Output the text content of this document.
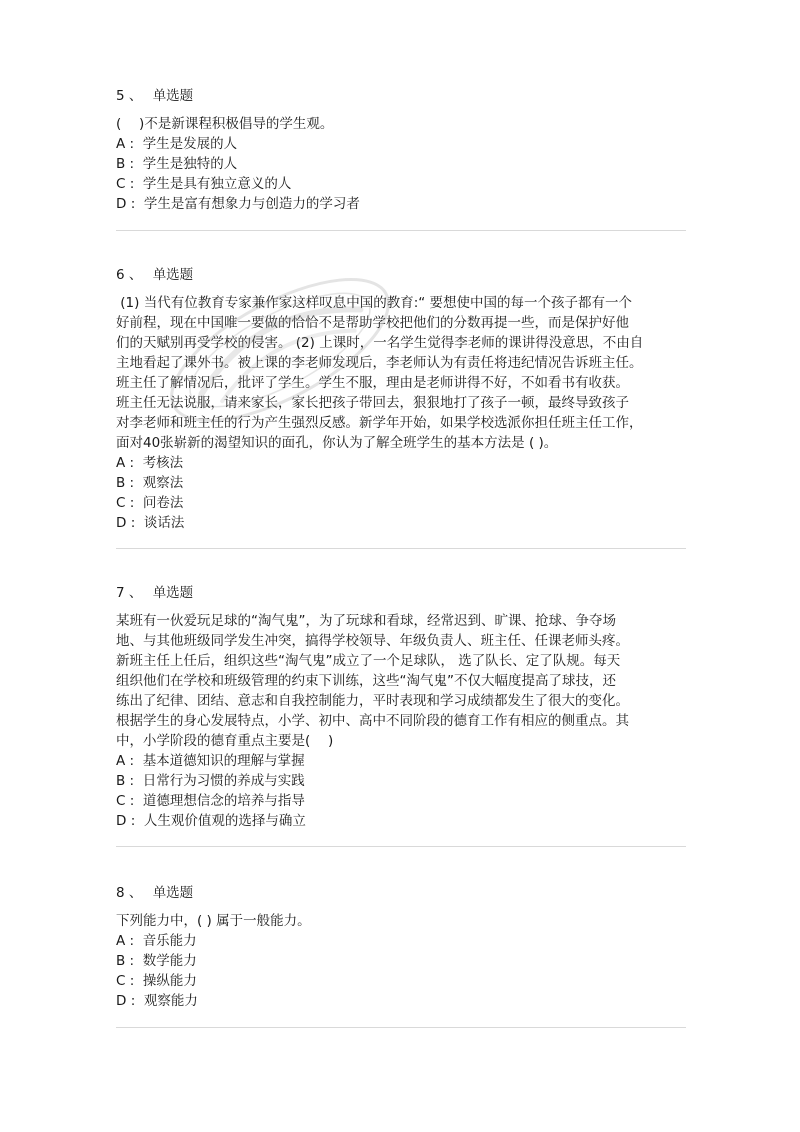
5 、 单选题
(　 )不是新课程积极倡导的学生观。
A :  学生是发展的人
B :  学生是独特的人
C :  学生是具有独立意义的人
D :  学生是富有想象力与创造力的学习者
6 、 单选题
(1) 当代有位教育专家兼作家这样叹息中国的教育:“ 要想使中国的每一个孩子都有一个
好前程，现在中国唯一要做的恰恰不是帮助学校把他们的分数再提一些，而是保护好他
们的天赋别再受学校的侵害。 (2) 上课时，一名学生觉得李老师的课讲得没意思，不由自
主地看起了课外书。被上课的李老师发现后，李老师认为有责任将违纪情况告诉班主任。
班主任了解情况后，批评了学生。学生不服，理由是老师讲得不好，不如看书有收获。
班主任无法说服，请来家长，家长把孩子带回去，狠狠地打了孩子一顿，最终导致孩子
对李老师和班主任的行为产生强烈反感。新学年开始，如果学校选派你担任班主任工作，
面对40张崭新的渴望知识的面孔，你认为了解全班学生的基本方法是 ( )。
A :  考核法
B :  观察法
C :  问卷法
D :  谈话法
7 、 单选题
某班有一伙爱玩足球的“淘气鬼”，为了玩球和看球，经常迟到、旷课、抢球、争夺场
地、与其他班级同学发生冲突，搞得学校领导、年级负责人、班主任、任课老师头疼。
新班主任上任后，组织这些“淘气鬼”成立了一个足球队， 选了队长、定了队规。每天
组织他们在学校和班级管理的约束下训练，这些“淘气鬼”不仅大幅度提高了球技，还
练出了纪律、团结、意志和自我控制能力，平时表现和学习成绩都发生了很大的变化。
根据学生的身心发展特点，小学、初中、高中不同阶段的德育工作有相应的侧重点。其
中，小学阶段的德育重点主要是(　 )
A :  基本道德知识的理解与掌握
B :  日常行为习惯的养成与实践
C :  道德理想信念的培养与指导
D :  人生观价值观的选择与确立
8 、 单选题
下列能力中，( ) 属于一般能力。
A :  音乐能力
B :  数学能力
C :  操纵能力
D :  观察能力
